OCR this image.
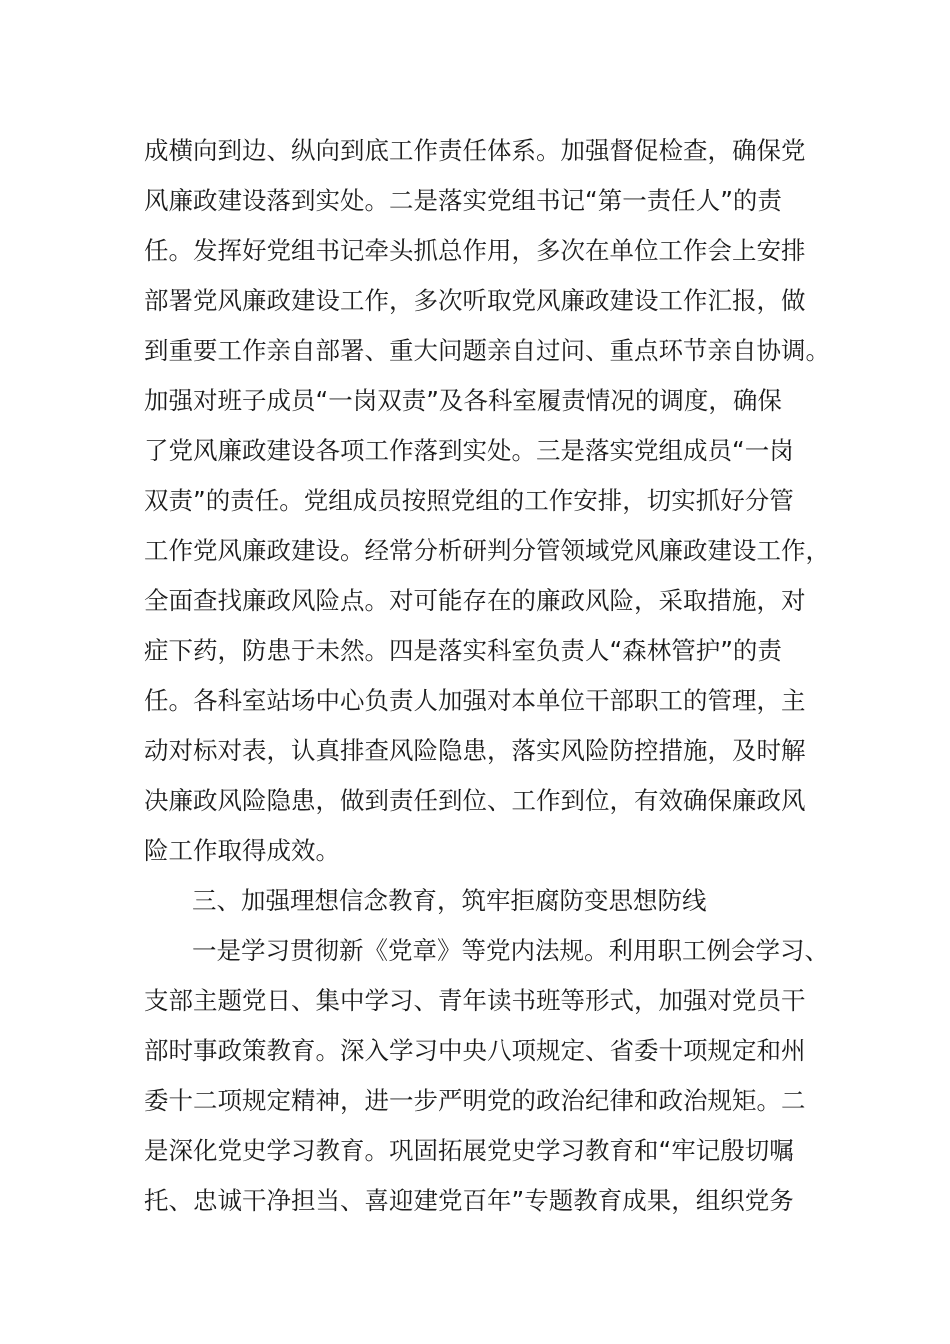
成横向到边、纵向到底工作责任体系。加强督促检查，确保党
风廉政建设落到实处。二是落实党组书记“第一责任人”的责
任。发挥好党组书记牵头抓总作用，多次在单位工作会上安排
部署党风廉政建设工作，多次听取党风廉政建设工作汇报，做
到重要工作亲自部署、重大问题亲自过问、重点环节亲自协调。
加强对班子成员“一岗双责”及各科室履责情况的调度，确保
了党风廉政建设各项工作落到实处。三是落实党组成员“一岗
双责”的责任。党组成员按照党组的工作安排，切实抓好分管
工作党风廉政建设。经常分析研判分管领域党风廉政建设工作，
全面查找廉政风险点。对可能存在的廉政风险，采取措施，对
症下药，防患于未然。四是落实科室负责人“森林管护”的责
任。各科室站场中心负责人加强对本单位干部职工的管理，主
动对标对表，认真排查风险隐患，落实风险防控措施，及时解
决廉政风险隐患，做到责任到位、工作到位，有效确保廉政风
险工作取得成效。
三、加强理想信念教育，筑牢拒腐防变思想防线
一是学习贯彻新《党章》等党内法规。利用职工例会学习、
支部主题党日、集中学习、青年读书班等形式，加强对党员干
部时事政策教育。深入学习中央八项规定、省委十项规定和州
委十二项规定精神，进一步严明党的政治纪律和政治规矩。二
是深化党史学习教育。巩固拓展党史学习教育和“牢记殷切嘱
托、忠诚干净担当、喜迎建党百年”专题教育成果，组织党务
